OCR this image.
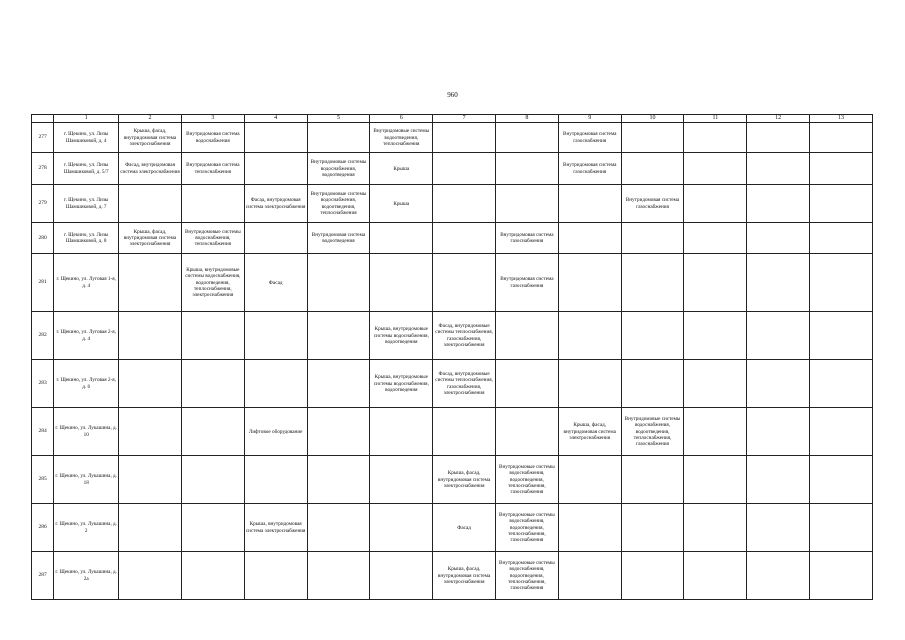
960
	1	2	3	4	5	6	7	8	9	10	11	12	13
277	г. Щекино, ул. Лизы Шамшиковой, д. 4	Крыша, фасад, внутридомовая система электроснабжения	Внутридомовая система водоснабжения			Внутридомовые системы водоотведения, теплоснабжения			Внутридомовая система газоснабжения				
278	г. Щекино, ул. Лизы Шамшиковой, д. 5/7	Фасад, внутридомовая система электроснабжения	Внутридомовая система теплоснабжения		Внутридомовые системы водоснабжения, водоотведения	Крыша			Внутридомовая система газоснабжения				
279	г. Щекино, ул. Лизы Шамшиковой, д. 7			Фасад, внутридомовая система электроснабжения	Внутридомовые системы водоснабжения, водоотведения, теплоснабжения	Крыша				Внутридомовая система газоснабжения			
280	г. Щекино, ул. Лизы Шамшиковой, д. 8	Крыша, фасад, внутридомовая система электроснабжения	Внутридомовые системы водоснабжения, теплоснабжения		Внутридомовая система водоотведения			Внутридомовая система газоснабжения					
281	г. Щекино, ул. Луговая 1-я, д. 4		Крыша, внутридомовые системы водоснабжения, водоотведения, теплоснабжения, электроснабжения	Фасад				Внутридомовая система газоснабжения					
282	г. Щекино, ул. Луговая 2-я, д. 4					Крыша, внутридомовые системы водоснабжения, водоотведения	Фасад, внутридомовые системы теплоснабжения, газоснабжения, электроснабжения						
283	г. Щекино, ул. Луговая 2-я, д. 6					Крыша, внутридомовые системы водоснабжения, водоотведения	Фасад, внутридомовые системы теплоснабжения, газоснабжения, электроснабжения						
284	г. Щекино, ул. Лукашина, д. 10			Лифтовое оборудование					Крыша, фасад, внутридомовая система электроснабжения	Внутридомовые системы водоснабжения, водоотведения, теплоснабжения, газоснабжения			
285	г. Щекино, ул. Лукашина, д. 18						Крыша, фасад, внутридомовая система электроснабжения	Внутридомовые системы водоснабжения, водоотведения, теплоснабжения, газоснабжения					
286	г. Щекино, ул. Лукашина, д. 2			Крыша, внутридомовая система электроснабжения			Фасад	Внутридомовые системы водоснабжения, водоотведения, теплоснабжения, газоснабжения					
287	г. Щекино, ул. Лукашина, д. 2а						Крыша, фасад, внутридомовая система электроснабжения	Внутридомовые системы водоснабжения, водоотведения, теплоснабжения, газоснабжения					
